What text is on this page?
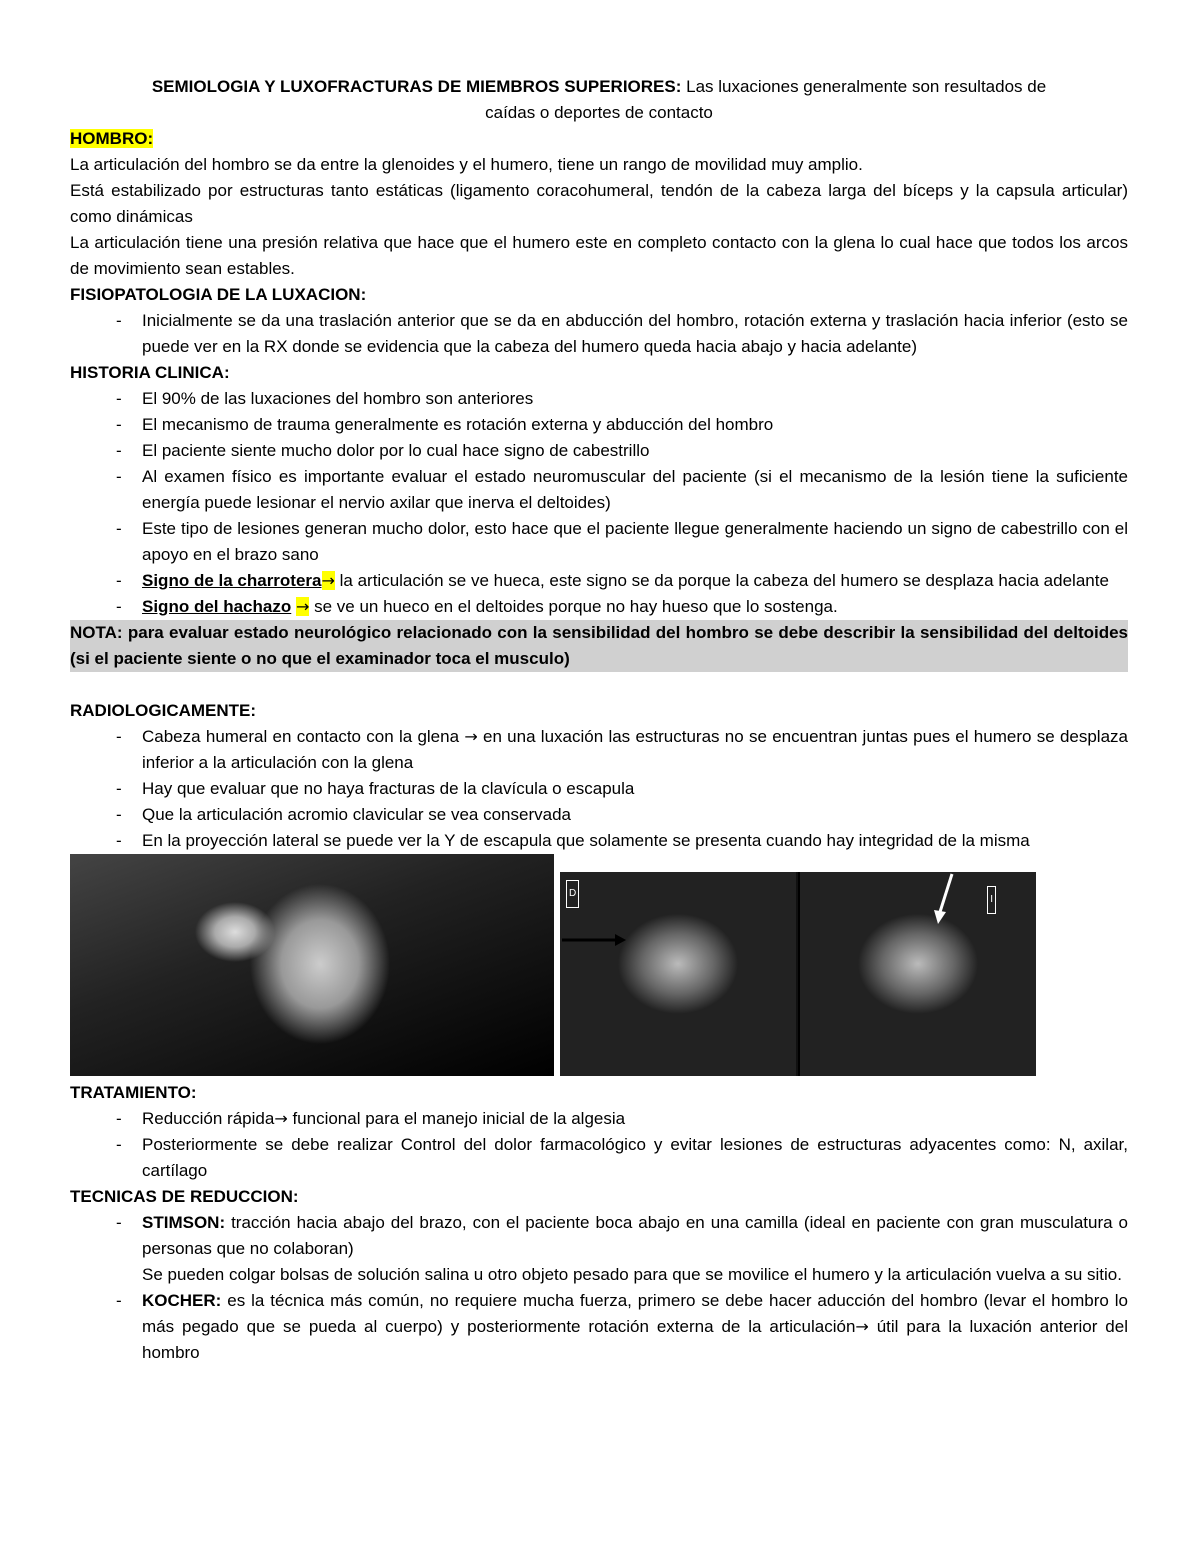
SEMIOLOGIA Y LUXOFRACTURAS DE MIEMBROS SUPERIORES: Las luxaciones generalmente son resultados de
caídas o deportes de contacto

HOMBRO:

La articulación del hombro se da entre la glenoides y el humero, tiene un rango de movilidad muy amplio.

Está estabilizado por estructuras tanto estáticas (ligamento coracohumeral, tendón de la cabeza larga del bíceps y la capsula articular) como dinámicas

La articulación tiene una presión relativa que hace que el humero este en completo contacto con la glena lo cual hace que todos los arcos de movimiento sean estables.

FISIOPATOLOGIA DE LA LUXACION:
- Inicialmente se da una traslación anterior que se da en abducción del hombro, rotación externa y traslación hacia inferior (esto se puede ver en la RX donde se evidencia que la cabeza del humero queda hacia abajo y hacia adelante)
HISTORIA CLINICA:
- El 90% de las luxaciones del hombro son anteriores
- El mecanismo de trauma generalmente es rotación externa y abducción del hombro
- El paciente siente mucho dolor por lo cual hace signo de cabestrillo
- Al examen físico es importante evaluar el estado neuromuscular del paciente (si el mecanismo de la lesión tiene la suficiente energía puede lesionar el nervio axilar que inerva el deltoides)
- Este tipo de lesiones generan mucho dolor, esto hace que el paciente llegue generalmente haciendo un signo de cabestrillo con el apoyo en el brazo sano
- Signo de la charrotera→ la articulación se ve hueca, este signo se da porque la cabeza del humero se desplaza hacia adelante
- Signo del hachazo → se ve un hueco en el deltoides porque no hay hueso que lo sostenga.

NOTA: para evaluar estado neurológico relacionado con la sensibilidad del hombro se debe describir la sensibilidad del deltoides (si el paciente siente o no que el examinador toca el musculo)

RADIOLOGICAMENTE:
- Cabeza humeral en contacto con la glena → en una luxación las estructuras no se encuentran juntas pues el humero se desplaza inferior a la articulación con la glena
- Hay que evaluar que no haya fracturas de la clavícula o escapula
- Que la articulación acromio clavicular se vea conservada
- En la proyección lateral se puede ver la Y de escapula que solamente se presenta cuando hay integridad de la misma
D
I
TRATAMIENTO:
- Reducción rápida→ funcional para el manejo inicial de la algesia
- Posteriormente se debe realizar Control del dolor farmacológico y evitar lesiones de estructuras adyacentes como: N, axilar, cartílago
TECNICAS DE REDUCCION:
- STIMSON: tracción hacia abajo del brazo, con el paciente boca abajo en una camilla (ideal en paciente con gran musculatura o personas que no colaboran)
Se pueden colgar bolsas de solución salina u otro objeto pesado para que se movilice el humero y la articulación vuelva a su sitio.
- KOCHER: es la técnica más común, no requiere mucha fuerza, primero se debe hacer aducción del hombro (levar el hombro lo más pegado que se pueda al cuerpo) y posteriormente rotación externa de la articulación→ útil para la luxación anterior del hombro
